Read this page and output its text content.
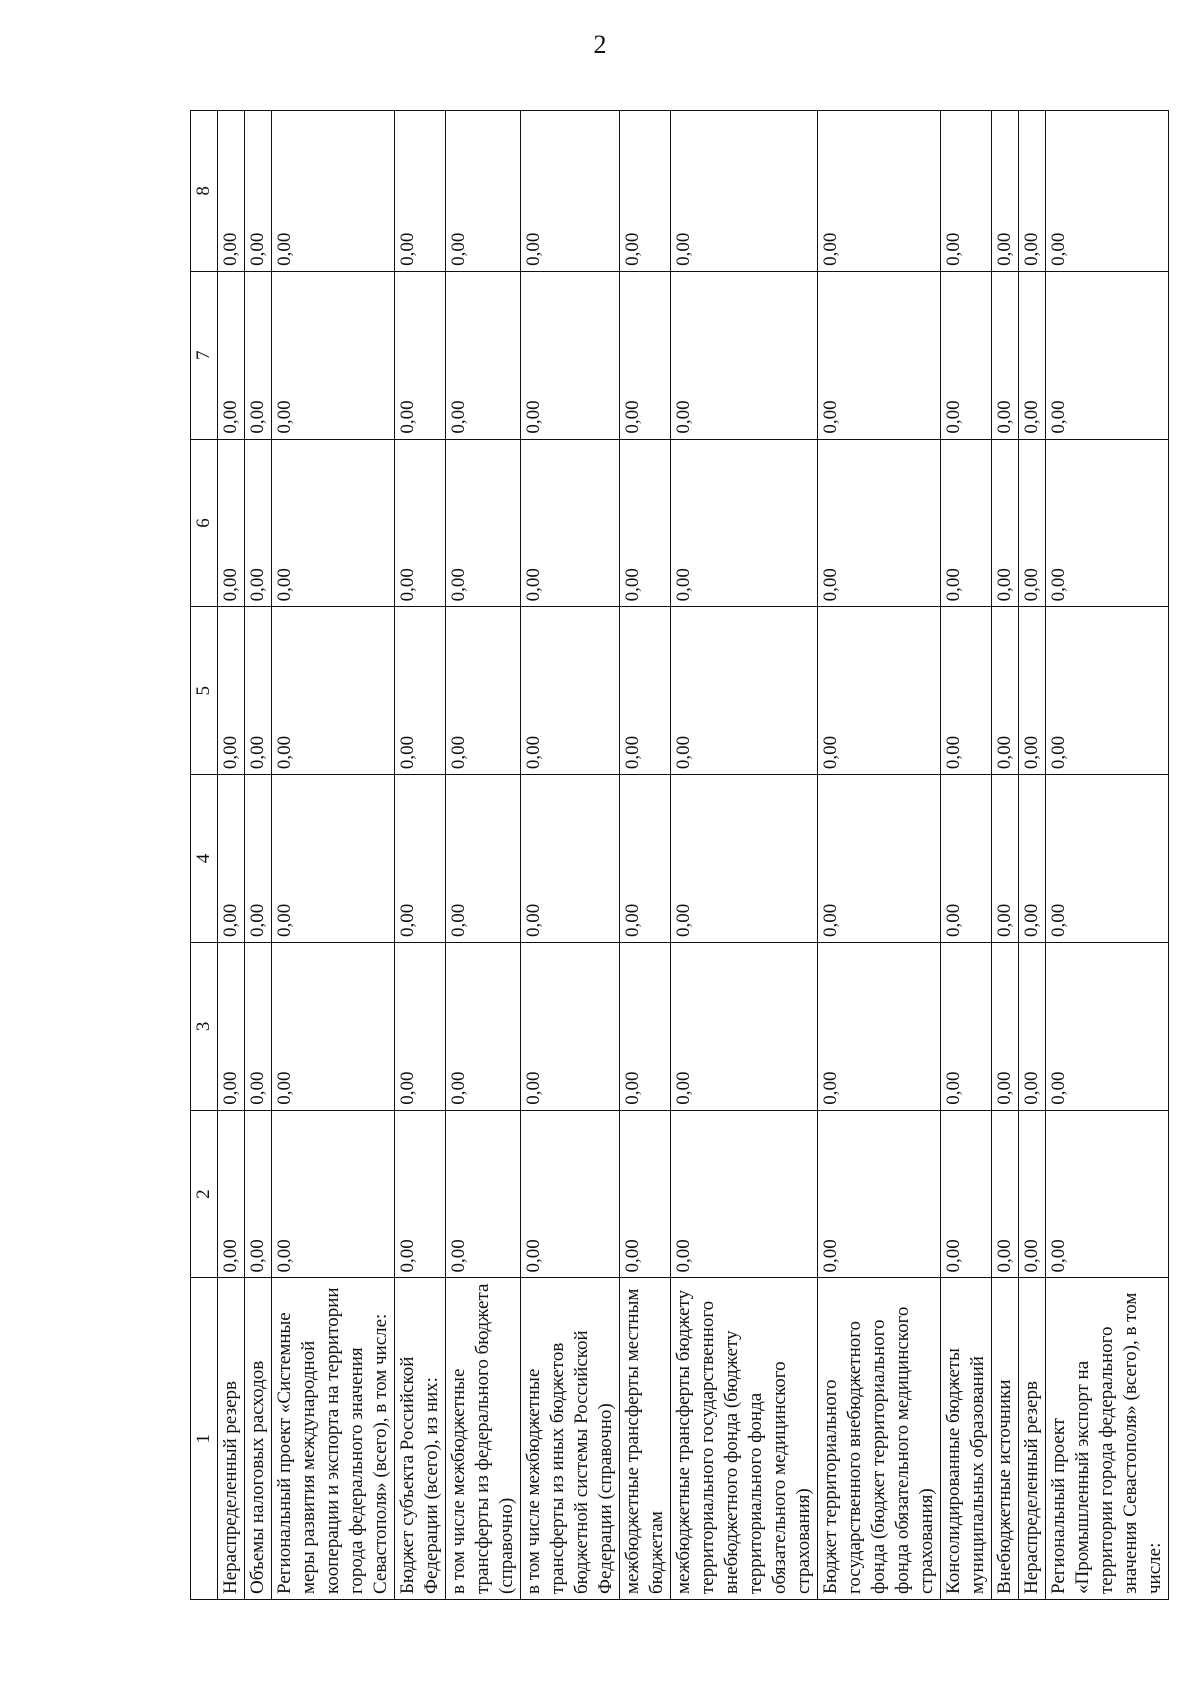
2
1	2	3	4	5	6	7	8
Нераспределенный резерв	0,00	0,00	0,00	0,00	0,00	0,00	0,00
Объемы налоговых расходов	0,00	0,00	0,00	0,00	0,00	0,00	0,00
Региональный проект «Системные меры развития международной кооперации и экспорта на территории города федерального значения Севастополя» (всего), в том числе:	0,00	0,00	0,00	0,00	0,00	0,00	0,00
Бюджет субъекта Российской Федерации (всего), из них:	0,00	0,00	0,00	0,00	0,00	0,00	0,00
в том числе межбюджетные трансферты из федерального бюджета (справочно)	0,00	0,00	0,00	0,00	0,00	0,00	0,00
в том числе межбюджетные трансферты из иных бюджетов бюджетной системы Российской Федерации (справочно)	0,00	0,00	0,00	0,00	0,00	0,00	0,00
межбюджетные трансферты местным бюджетам	0,00	0,00	0,00	0,00	0,00	0,00	0,00
межбюджетные трансферты бюджету территориального государственного внебюджетного фонда (бюджету территориального фонда обязательного медицинского страхования)	0,00	0,00	0,00	0,00	0,00	0,00	0,00
Бюджет территориального государственного внебюджетного фонда (бюджет территориального фонда обязательного медицинского страхования)	0,00	0,00	0,00	0,00	0,00	0,00	0,00
Консолидированные бюджеты муниципальных образований	0,00	0,00	0,00	0,00	0,00	0,00	0,00
Внебюджетные источники	0,00	0,00	0,00	0,00	0,00	0,00	0,00
Нераспределенный резерв	0,00	0,00	0,00	0,00	0,00	0,00	0,00
Региональный проект «Промышленный экспорт на территории города федерального значения Севастополя» (всего), в том числе:	0,00	0,00	0,00	0,00	0,00	0,00	0,00
